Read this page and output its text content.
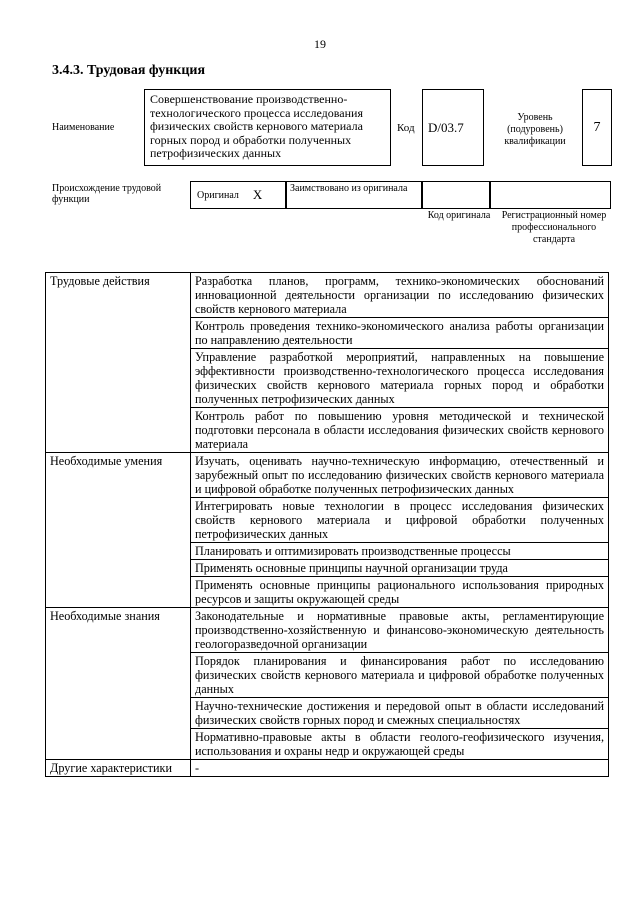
19
3.4.3. Трудовая функция
Наименование
Совершенствование производственно-технологического процесса исследования физических свойств кернового материала горных пород и обработки полученных петрофизических данных
Код	D/03.7
Уровень (подуровень) квалификации
7
Происхождение трудовой функции	Оригинал X	Заимствовано из оригинала
Код оригинала Регистрационный номер профессионального стандарта
Трудовые действия	Разработка планов, программ, технико-экономических обоснований инновационной деятельности организации по исследованию физических свойств кернового материала
	Контроль проведения технико-экономического анализа работы организации по направлению деятельности
	Управление разработкой мероприятий, направленных на повышение эффективности производственно-технологического процесса исследования физических свойств кернового материала горных пород и обработки полученных петрофизических данных
	Контроль работ по повышению уровня методической и технической подготовки персонала в области исследования физических свойств кернового материала
Необходимые умения	Изучать, оценивать научно-техническую информацию, отечественный и зарубежный опыт по исследованию физических свойств кернового материала и цифровой обработке полученных петрофизических данных
	Интегрировать новые технологии в процесс исследования физических свойств кернового материала и цифровой обработки полученных петрофизических данных
	Планировать и оптимизировать производственные процессы
	Применять основные принципы научной организации труда
	Применять основные принципы рационального использования природных ресурсов и защиты окружающей среды
Необходимые знания	Законодательные и нормативные правовые акты, регламентирующие производственно-хозяйственную и финансово-экономическую деятельность геологоразведочной организации
	Порядок планирования и финансирования работ по исследованию физических свойств кернового материала и цифровой обработке полученных данных
	Научно-технические достижения и передовой опыт в области исследований физических свойств горных пород и смежных специальностях
	Нормативно-правовые акты в области геолого-геофизического изучения, использования и охраны недр и окружающей среды
Другие характеристики	-
